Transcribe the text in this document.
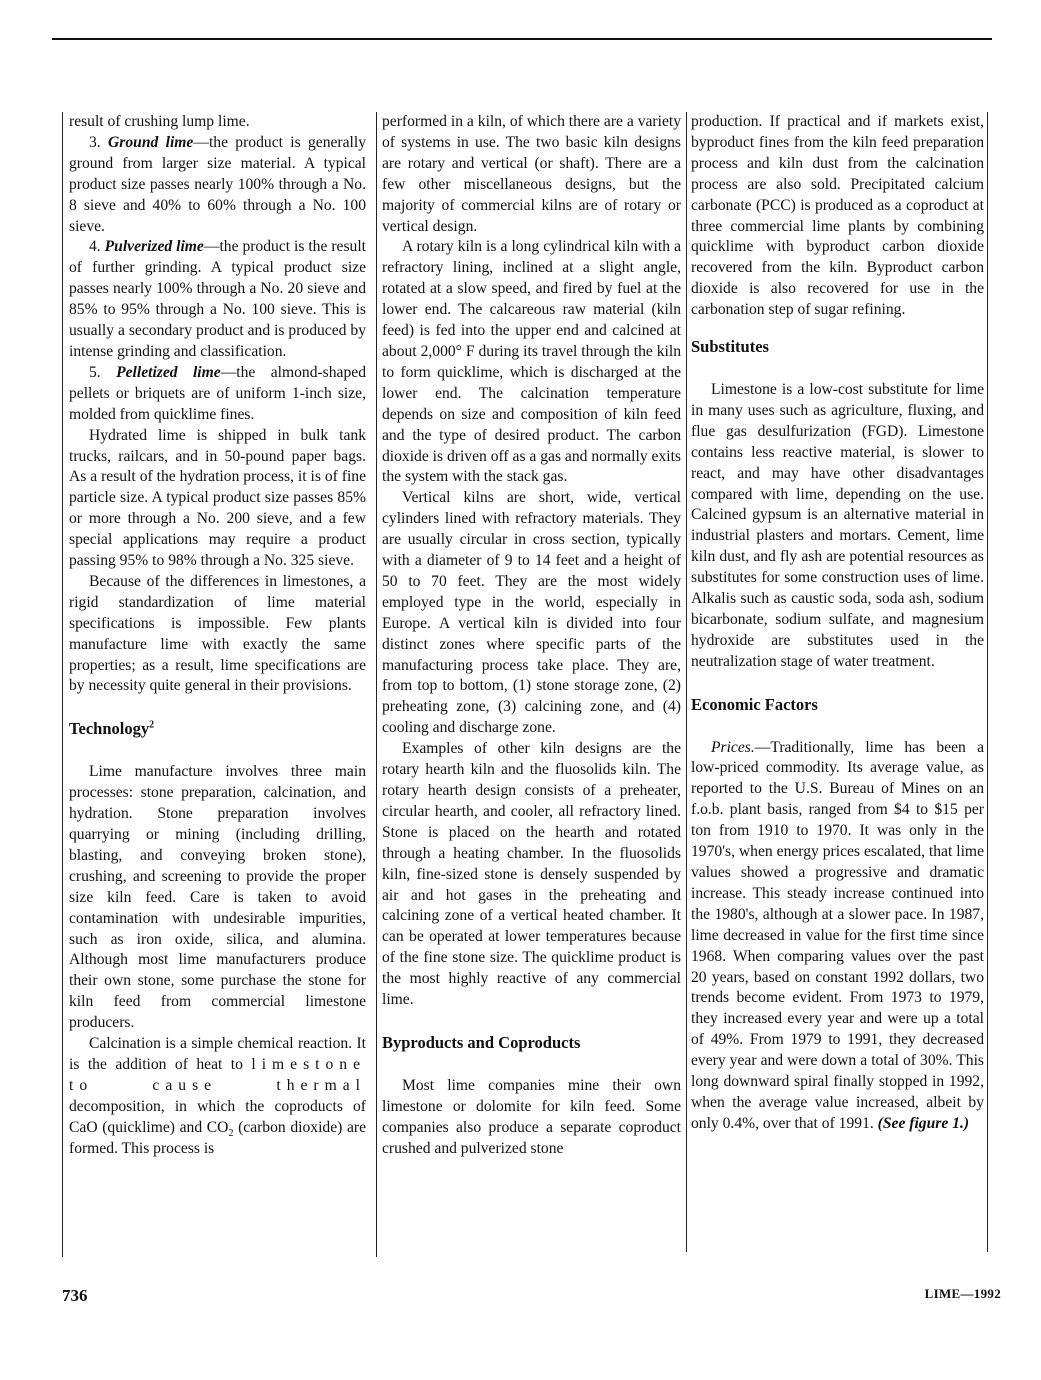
result of crushing lump lime.

3. Ground lime—the product is generally ground from larger size material. A typical product size passes nearly 100% through a No. 8 sieve and 40% to 60% through a No. 100 sieve.

4. Pulverized lime—the product is the result of further grinding. A typical product size passes nearly 100% through a No. 20 sieve and 85% to 95% through a No. 100 sieve. This is usually a secondary product and is produced by intense grinding and classification.

5. Pelletized lime—the almond-shaped pellets or briquets are of uniform 1-inch size, molded from quicklime fines.

Hydrated lime is shipped in bulk tank trucks, railcars, and in 50-pound paper bags. As a result of the hydration process, it is of fine particle size. A typical product size passes 85% or more through a No. 200 sieve, and a few special applications may require a product passing 95% to 98% through a No. 325 sieve.

Because of the differences in limestones, a rigid standardization of lime material specifications is impossible. Few plants manufacture lime with exactly the same properties; as a result, lime specifications are by necessity quite general in their provisions.

Technology$^2$

Lime manufacture involves three main processes: stone preparation, calcination, and hydration. Stone preparation involves quarrying or mining (including drilling, blasting, and conveying broken stone), crushing, and screening to provide the proper size kiln feed. Care is taken to avoid contamination with undesirable impurities, such as iron oxide, silica, and alumina. Although most lime manufacturers produce their own stone, some purchase the stone for kiln feed from commercial limestone producers.

Calcination is a simple chemical reaction. It is the addition of heat to limestone to cause thermal decomposition, in which the coproducts of CaO (quicklime) and $CO_2$ (carbon dioxide) are formed. This process is

performed in a kiln, of which there are a variety of systems in use. The two basic kiln designs are rotary and vertical (or shaft). There are a few other miscellaneous designs, but the majority of commercial kilns are of rotary or vertical design.

A rotary kiln is a long cylindrical kiln with a refractory lining, inclined at a slight angle, rotated at a slow speed, and fired by fuel at the lower end. The calcareous raw material (kiln feed) is fed into the upper end and calcined at about 2,000° F during its travel through the kiln to form quicklime, which is discharged at the lower end. The calcination temperature depends on size and composition of kiln feed and the type of desired product. The carbon dioxide is driven off as a gas and normally exits the system with the stack gas.

Vertical kilns are short, wide, vertical cylinders lined with refractory materials. They are usually circular in cross section, typically with a diameter of 9 to 14 feet and a height of 50 to 70 feet. They are the most widely employed type in the world, especially in Europe. A vertical kiln is divided into four distinct zones where specific parts of the manufacturing process take place. They are, from top to bottom, (1) stone storage zone, (2) preheating zone, (3) calcining zone, and (4) cooling and discharge zone.

Examples of other kiln designs are the rotary hearth kiln and the fluosolids kiln. The rotary hearth design consists of a preheater, circular hearth, and cooler, all refractory lined. Stone is placed on the hearth and rotated through a heating chamber. In the fluosolids kiln, fine-sized stone is densely suspended by air and hot gases in the preheating and calcining zone of a vertical heated chamber. It can be operated at lower temperatures because of the fine stone size. The quicklime product is the most highly reactive of any commercial lime.

Byproducts and Coproducts

Most lime companies mine their own limestone or dolomite for kiln feed. Some companies also produce a separate coproduct crushed and pulverized stone

production. If practical and if markets exist, byproduct fines from the kiln feed preparation process and kiln dust from the calcination process are also sold. Precipitated calcium carbonate (PCC) is produced as a coproduct at three commercial lime plants by combining quicklime with byproduct carbon dioxide recovered from the kiln. Byproduct carbon dioxide is also recovered for use in the carbonation step of sugar refining.

Substitutes

Limestone is a low-cost substitute for lime in many uses such as agriculture, fluxing, and flue gas desulfurization (FGD). Limestone contains less reactive material, is slower to react, and may have other disadvantages compared with lime, depending on the use. Calcined gypsum is an alternative material in industrial plasters and mortars. Cement, lime kiln dust, and fly ash are potential resources as substitutes for some construction uses of lime. Alkalis such as caustic soda, soda ash, sodium bicarbonate, sodium sulfate, and magnesium hydroxide are substitutes used in the neutralization stage of water treatment.

Economic Factors

Prices.—Traditionally, lime has been a low-priced commodity. Its average value, as reported to the U.S. Bureau of Mines on an f.o.b. plant basis, ranged from $4 to $15 per ton from 1910 to 1970. It was only in the 1970's, when energy prices escalated, that lime values showed a progressive and dramatic increase. This steady increase continued into the 1980's, although at a slower pace. In 1987, lime decreased in value for the first time since 1968. When comparing values over the past 20 years, based on constant 1992 dollars, two trends become evident. From 1973 to 1979, they increased every year and were up a total of 49%. From 1979 to 1991, they decreased every year and were down a total of 30%. This long downward spiral finally stopped in 1992, when the average value increased, albeit by only 0.4%, over that of 1991. (See figure 1.)

736	LIME—1992
